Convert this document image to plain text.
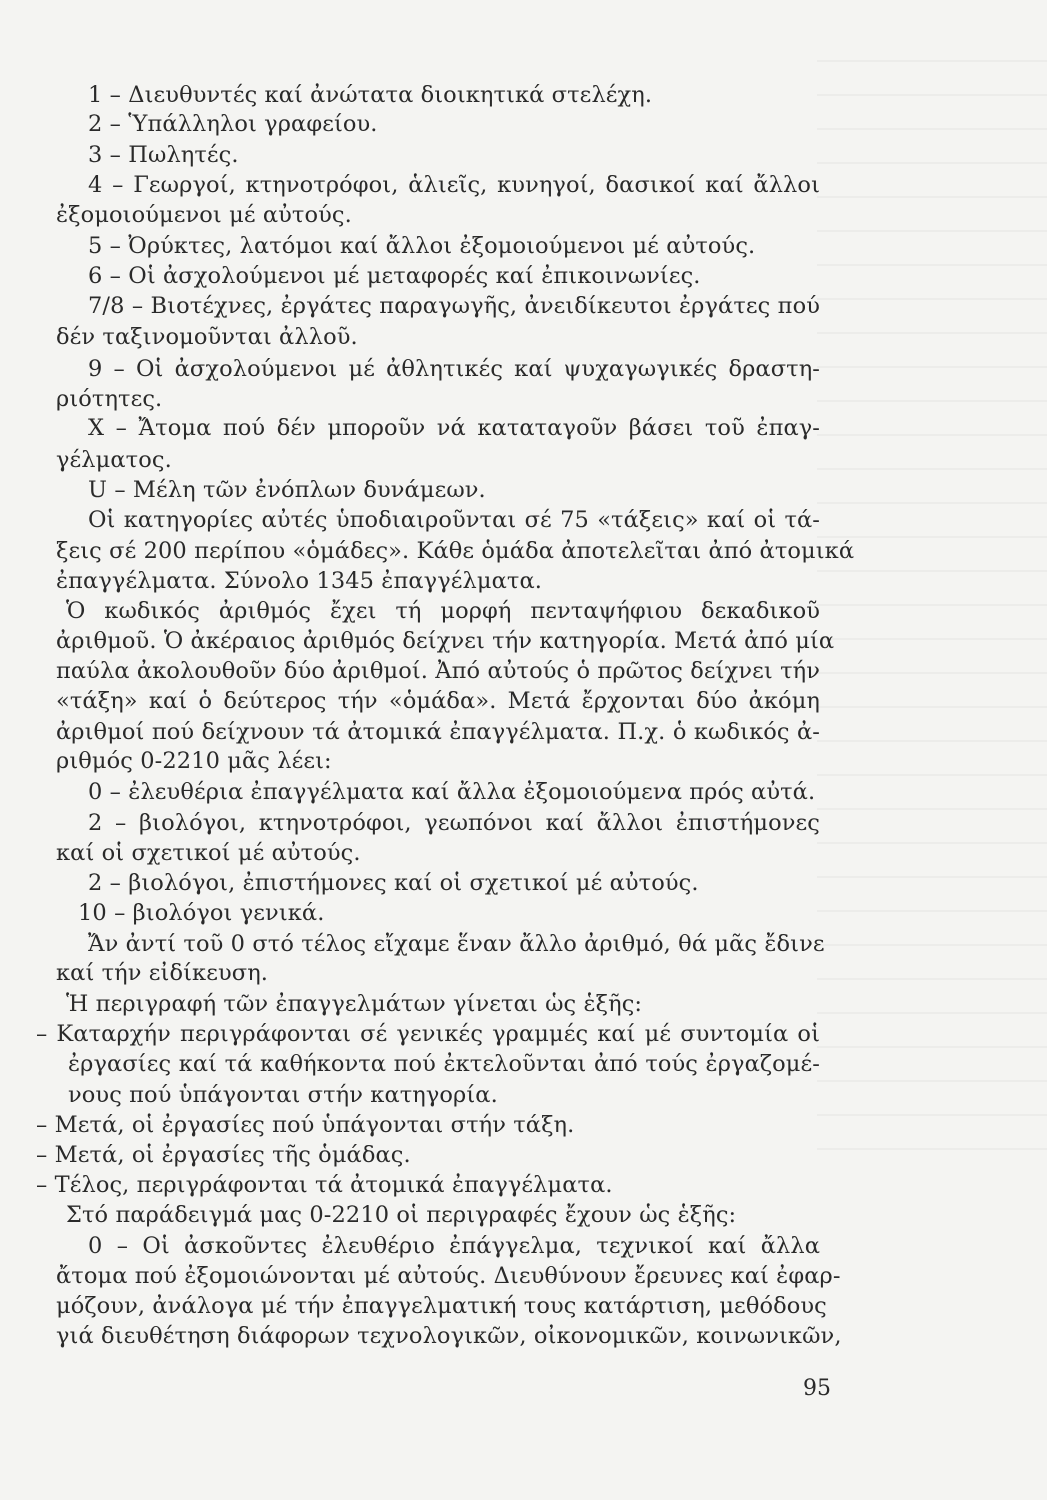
1 – Διευθυντές καί ἀνώτατα διοικητικά στελέχη.
2 – Ὑπάλληλοι γραφείου.
3 – Πωλητές.
4 – Γεωργοί, κτηνοτρόφοι, ἁλιεῖς, κυνηγοί, δασικοί καί ἄλλοι
ἐξομοιούμενοι μέ αὐτούς.
5 – Ὀρύκτες, λατόμοι καί ἄλλοι ἐξομοιούμενοι μέ αὐτούς.
6 – Οἱ ἀσχολούμενοι μέ μεταφορές καί ἐπικοινωνίες.
7/8 – Βιοτέχνες, ἐργάτες παραγωγῆς, ἀνειδίκευτοι ἐργάτες πού
δέν ταξινομοῦνται ἀλλοῦ.
9 – Οἱ ἀσχολούμενοι μέ ἀθλητικές καί ψυχαγωγικές δραστη-
ριότητες.
Χ – Ἄτομα πού δέν μποροῦν νά καταταγοῦν βάσει τοῦ ἐπαγ-
γέλματος.
U – Μέλη τῶν ἐνόπλων δυνάμεων.
Οἱ κατηγορίες αὐτές ὑποδιαιροῦνται σέ 75 «τάξεις» καί οἱ τά-
ξεις σέ 200 περίπου «ὁμάδες». Κάθε ὁμάδα ἀποτελεῖται ἀπό ἀτομικά
ἐπαγγέλματα. Σύνολο 1345 ἐπαγγέλματα.
Ὁ κωδικός ἀριθμός ἔχει τή μορφή πενταψήφιου δεκαδικοῦ
ἀριθμοῦ. Ὁ ἀκέραιος ἀριθμός δείχνει τήν κατηγορία. Μετά ἀπό μία
παύλα ἀκολουθοῦν δύο ἀριθμοί. Ἀπό αὐτούς ὁ πρῶτος δείχνει τήν
«τάξη» καί ὁ δεύτερος τήν «ὁμάδα». Μετά ἔρχονται δύο ἀκόμη
ἀριθμοί πού δείχνουν τά ἀτομικά ἐπαγγέλματα. Π.χ. ὁ κωδικός ἀ-
ριθμός 0-2210 μᾶς λέει:
0 – ἐλευθέρια ἐπαγγέλματα καί ἄλλα ἐξομοιούμενα πρός αὐτά.
2 – βιολόγοι, κτηνοτρόφοι, γεωπόνοι καί ἄλλοι ἐπιστήμονες
καί οἱ σχετικοί μέ αὐτούς.
2 – βιολόγοι, ἐπιστήμονες καί οἱ σχετικοί μέ αὐτούς.
10 – βιολόγοι γενικά.
Ἄν ἀντί τοῦ 0 στό τέλος εἴχαμε ἕναν ἄλλο ἀριθμό, θά μᾶς ἔδινε
καί τήν εἰδίκευση.
Ἡ περιγραφή τῶν ἐπαγγελμάτων γίνεται ὡς ἑξῆς:
– Καταρχήν περιγράφονται σέ γενικές γραμμές καί μέ συντομία οἱ
ἐργασίες καί τά καθήκοντα πού ἐκτελοῦνται ἀπό τούς ἐργαζομέ-
νους πού ὑπάγονται στήν κατηγορία.
– Μετά, οἱ ἐργασίες πού ὑπάγονται στήν τάξη.
– Μετά, οἱ ἐργασίες τῆς ὁμάδας.
– Τέλος, περιγράφονται τά ἀτομικά ἐπαγγέλματα.
Στό παράδειγμά μας 0-2210 οἱ περιγραφές ἔχουν ὡς ἑξῆς:
0 – Οἱ ἀσκοῦντες ἐλευθέριο ἐπάγγελμα, τεχνικοί καί ἄλλα
ἄτομα πού ἐξομοιώνονται μέ αὐτούς. Διευθύνουν ἔρευνες καί ἐφαρ-
μόζουν, ἀνάλογα μέ τήν ἐπαγγελματική τους κατάρτιση, μεθόδους
γιά διευθέτηση διάφορων τεχνολογικῶν, οἰκονομικῶν, κοινωνικῶν,
95
